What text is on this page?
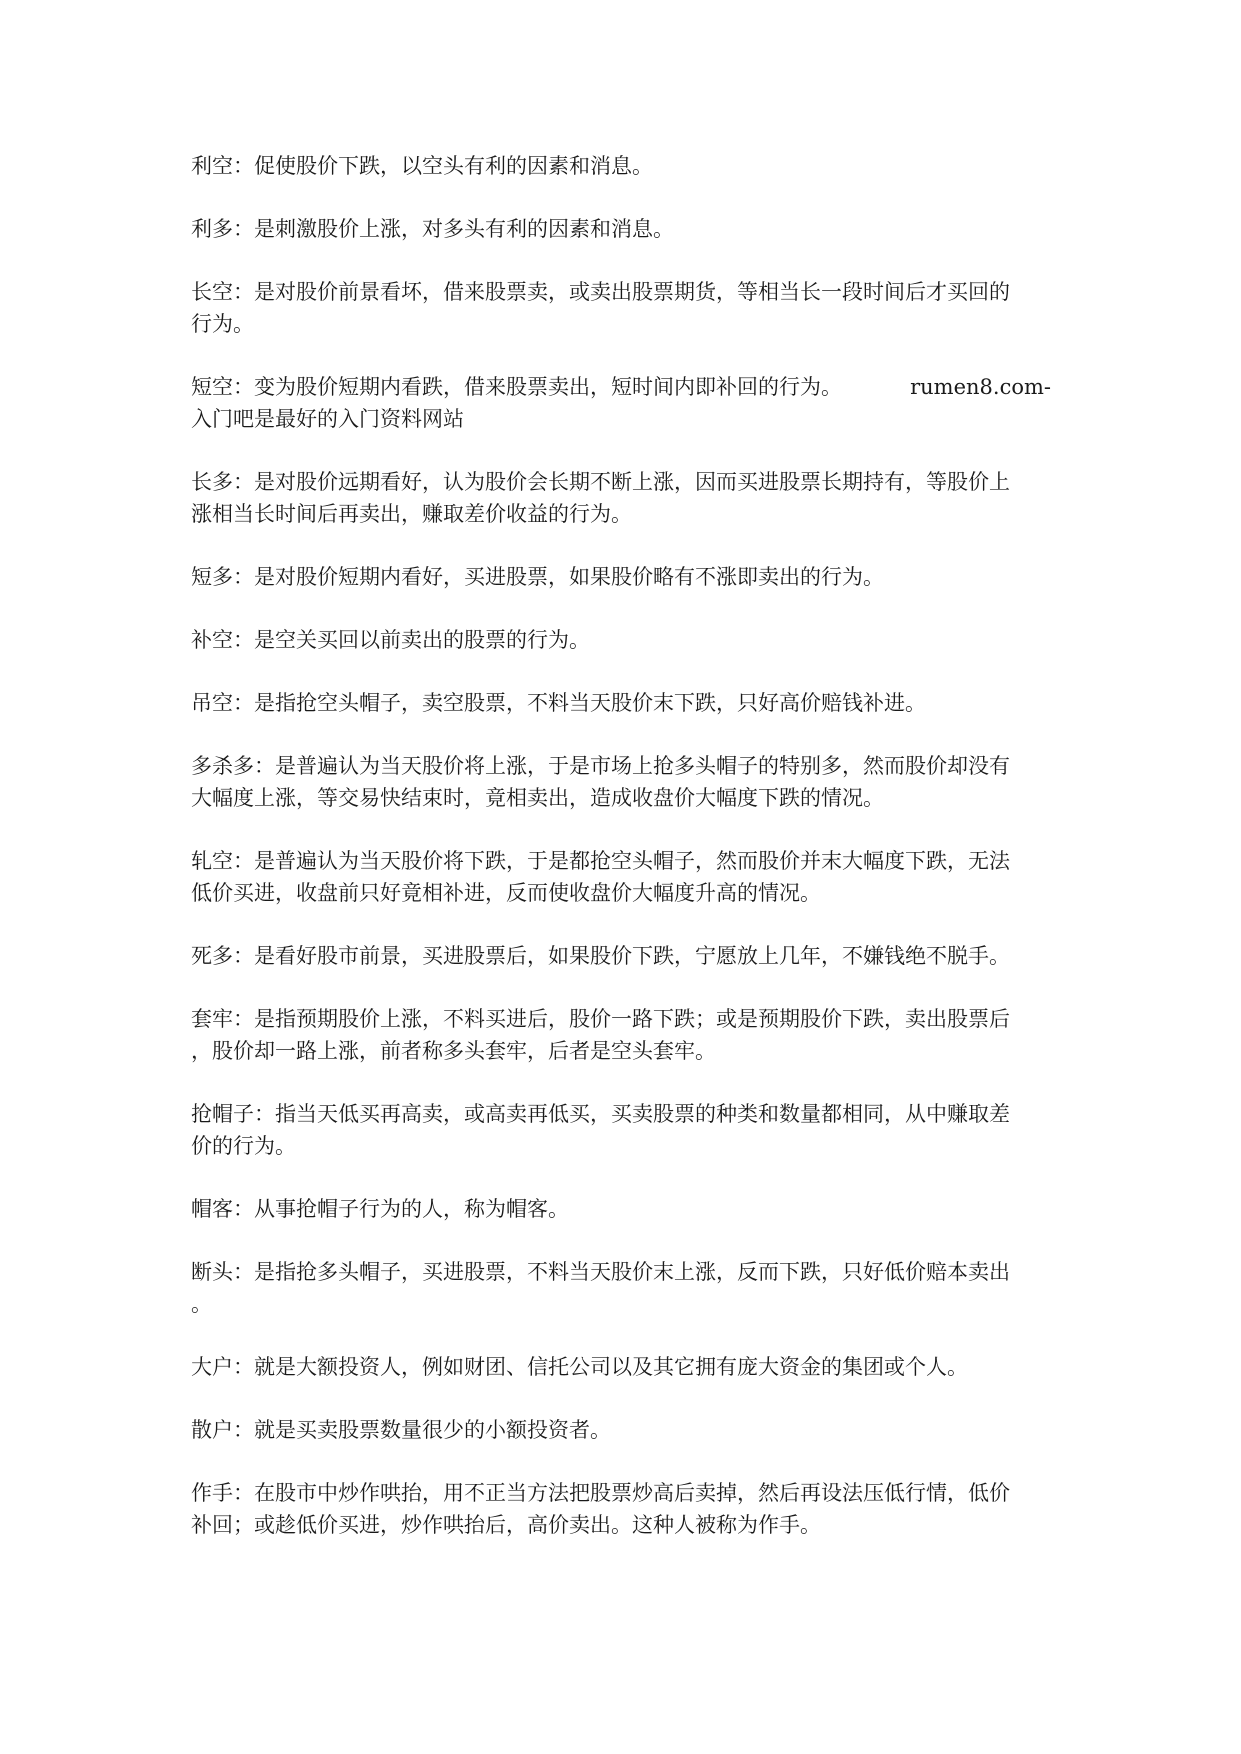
利空：促使股价下跌，以空头有利的因素和消息。

利多：是刺激股价上涨，对多头有利的因素和消息。

长空：是对股价前景看坏，借来股票卖，或卖出股票期货，等相当长一段时间后才买回的
行为。

短空：变为股价短期内看跌，借来股票卖出，短时间内即补回的行为。	rumen8.com-
入门吧是最好的入门资料网站

长多：是对股价远期看好，认为股价会长期不断上涨，因而买进股票长期持有，等股价上
涨相当长时间后再卖出，赚取差价收益的行为。

短多：是对股价短期内看好，买进股票，如果股价略有不涨即卖出的行为。

补空：是空关买回以前卖出的股票的行为。

吊空：是指抢空头帽子，卖空股票，不料当天股价末下跌，只好高价赔钱补进。

多杀多：是普遍认为当天股价将上涨，于是市场上抢多头帽子的特别多，然而股价却没有
大幅度上涨，等交易快结束时，竟相卖出，造成收盘价大幅度下跌的情况。

轧空：是普遍认为当天股价将下跌，于是都抢空头帽子，然而股价并末大幅度下跌，无法
低价买进，收盘前只好竟相补进，反而使收盘价大幅度升高的情况。

死多：是看好股市前景，买进股票后，如果股价下跌，宁愿放上几年，不嫌钱绝不脱手。

套牢：是指预期股价上涨，不料买进后，股价一路下跌；或是预期股价下跌，卖出股票后
，股价却一路上涨，前者称多头套牢，后者是空头套牢。

抢帽子：指当天低买再高卖，或高卖再低买，买卖股票的种类和数量都相同，从中赚取差
价的行为。

帽客：从事抢帽子行为的人，称为帽客。

断头：是指抢多头帽子，买进股票，不料当天股价末上涨，反而下跌，只好低价赔本卖出
。

大户：就是大额投资人，例如财团、信托公司以及其它拥有庞大资金的集团或个人。

散户：就是买卖股票数量很少的小额投资者。

作手：在股市中炒作哄抬，用不正当方法把股票炒高后卖掉，然后再设法压低行情，低价
补回；或趁低价买进，炒作哄抬后，高价卖出。这种人被称为作手。
